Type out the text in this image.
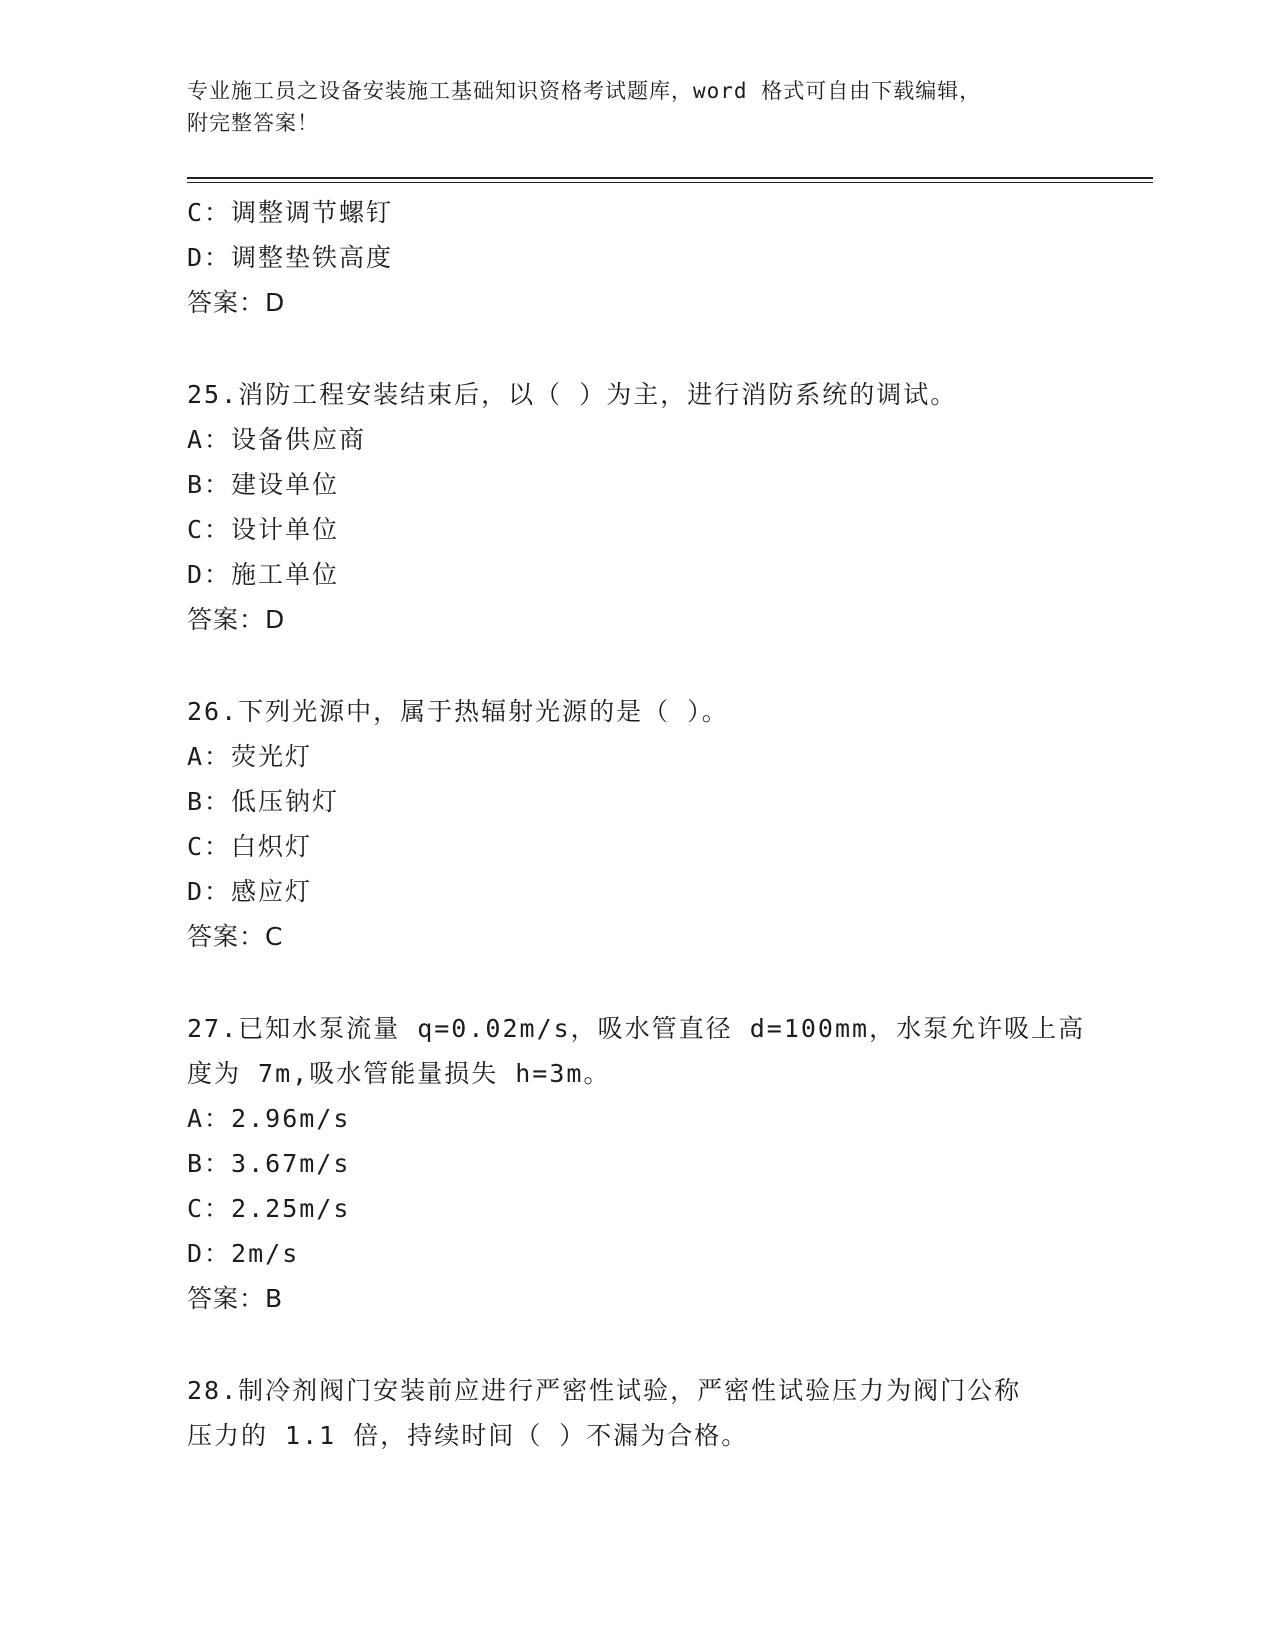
专业施工员之设备安装施工基础知识资格考试题库，word 格式可自由下载编辑，
附完整答案！
C：调整调节螺钉
D：调整垫铁高度
答案：D
25.消防工程安装结束后，以（ ）为主，进行消防系统的调试。
A：设备供应商
B：建设单位
C：设计单位
D：施工单位
答案：D
26.下列光源中，属于热辐射光源的是（ ）。
A：荧光灯
B：低压钠灯
C：白炽灯
D：感应灯
答案：C
27.已知水泵流量 q=0.02m/s，吸水管直径 d=100mm，水泵允许吸上高
度为 7m,吸水管能量损失 h=3m。
A：2.96m/s
B：3.67m/s
C：2.25m/s
D：2m/s
答案：B
28.制冷剂阀门安装前应进行严密性试验，严密性试验压力为阀门公称
压力的 1.1 倍，持续时间（ ）不漏为合格。
